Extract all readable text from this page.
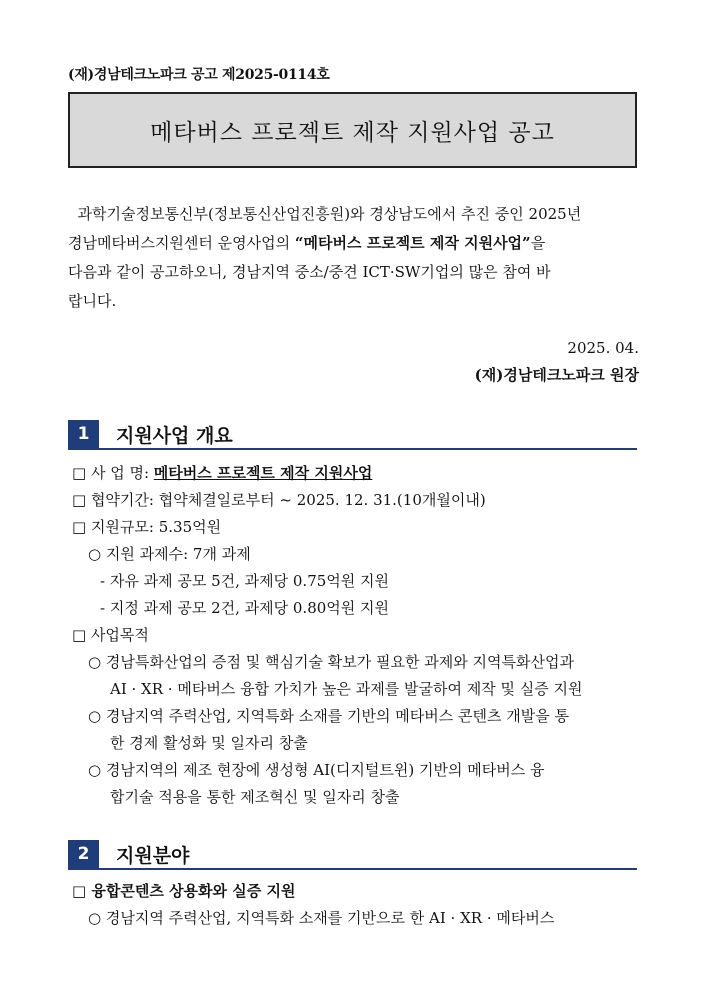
(재)경남테크노파크 공고 제2025-0114호
메타버스 프로젝트 제작 지원사업 공고
과학기술정보통신부(정보통신산업진흥원)와 경상남도에서 추진 중인 2025년
경남메타버스지원센터 운영사업의 “메타버스 프로젝트 제작 지원사업”을
다음과 같이 공고하오니, 경남지역 중소/중견 ICT·SW기업의 많은 참여 바
랍니다.
2025. 04.
(재)경남테크노파크 원장
1	지원사업 개요
□ 사 업 명: 메타버스 프로젝트 제작 지원사업
□ 협약기간: 협약체결일로부터 ~ 2025. 12. 31.(10개월이내)
□ 지원규모: 5.35억원
○ 지원 과제수: 7개 과제
- 자유 과제 공모 5건, 과제당 0.75억원 지원
- 지정 과제 공모 2건, 과제당 0.80억원 지원
□ 사업목적
○ 경남특화산업의 증점 및 핵심기술 확보가 필요한 과제와 지역특화산업과
AI · XR · 메타버스 융합 가치가 높은 과제를 발굴하여 제작 및 실증 지원
○ 경남지역 주력산업, 지역특화 소재를 기반의 메타버스 콘텐츠 개발을 통
한 경제 활성화 및 일자리 창출
○ 경남지역의 제조 현장에 생성형 AI(디지털트윈) 기반의 메타버스 융
합기술 적용을 통한 제조혁신 및 일자리 창출
2	지원분야
□ 융합콘텐츠 상용화와 실증 지원
○ 경남지역 주력산업, 지역특화 소재를 기반으로 한 AI · XR · 메타버스
